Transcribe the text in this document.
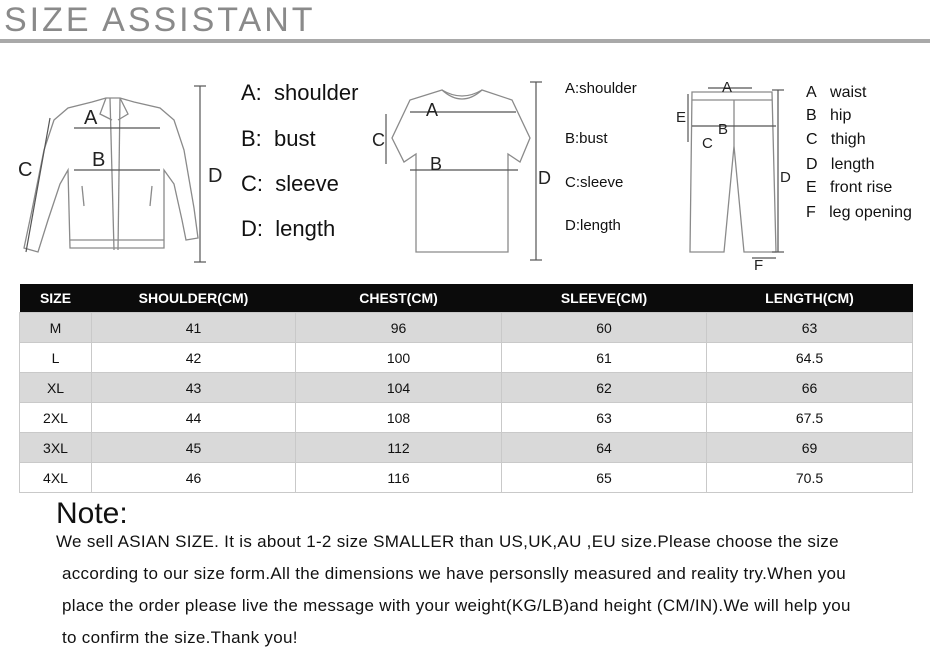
SIZE ASSISTANT
A
B
C	D
A: shoulder
B: bust
C: sleeve
D: length
A
B
C
D
A:shoulder
B:bust
C:sleeve
D:length
A
B
C
D
E
F
A waist
B hip
C thigh
D length
E front rise
F leg opening
SIZE	SHOULDER(CM)	CHEST(CM)	SLEEVE(CM)	LENGTH(CM)
M	41	96	60	63
L	42	100	61	64.5
XL	43	104	62	66
2XL	44	108	63	67.5
3XL	45	112	64	69
4XL	46	116	65	70.5
Note:
We sell ASIAN SIZE. It is about 1-2 size SMALLER than US,UK,AU ,EU size.Please choose the size
according to our size form.All the dimensions we have personslly measured and reality try.When you
place the order please live the message with your weight(KG/LB)and height (CM/IN).We will help you
to confirm the size.Thank you!
